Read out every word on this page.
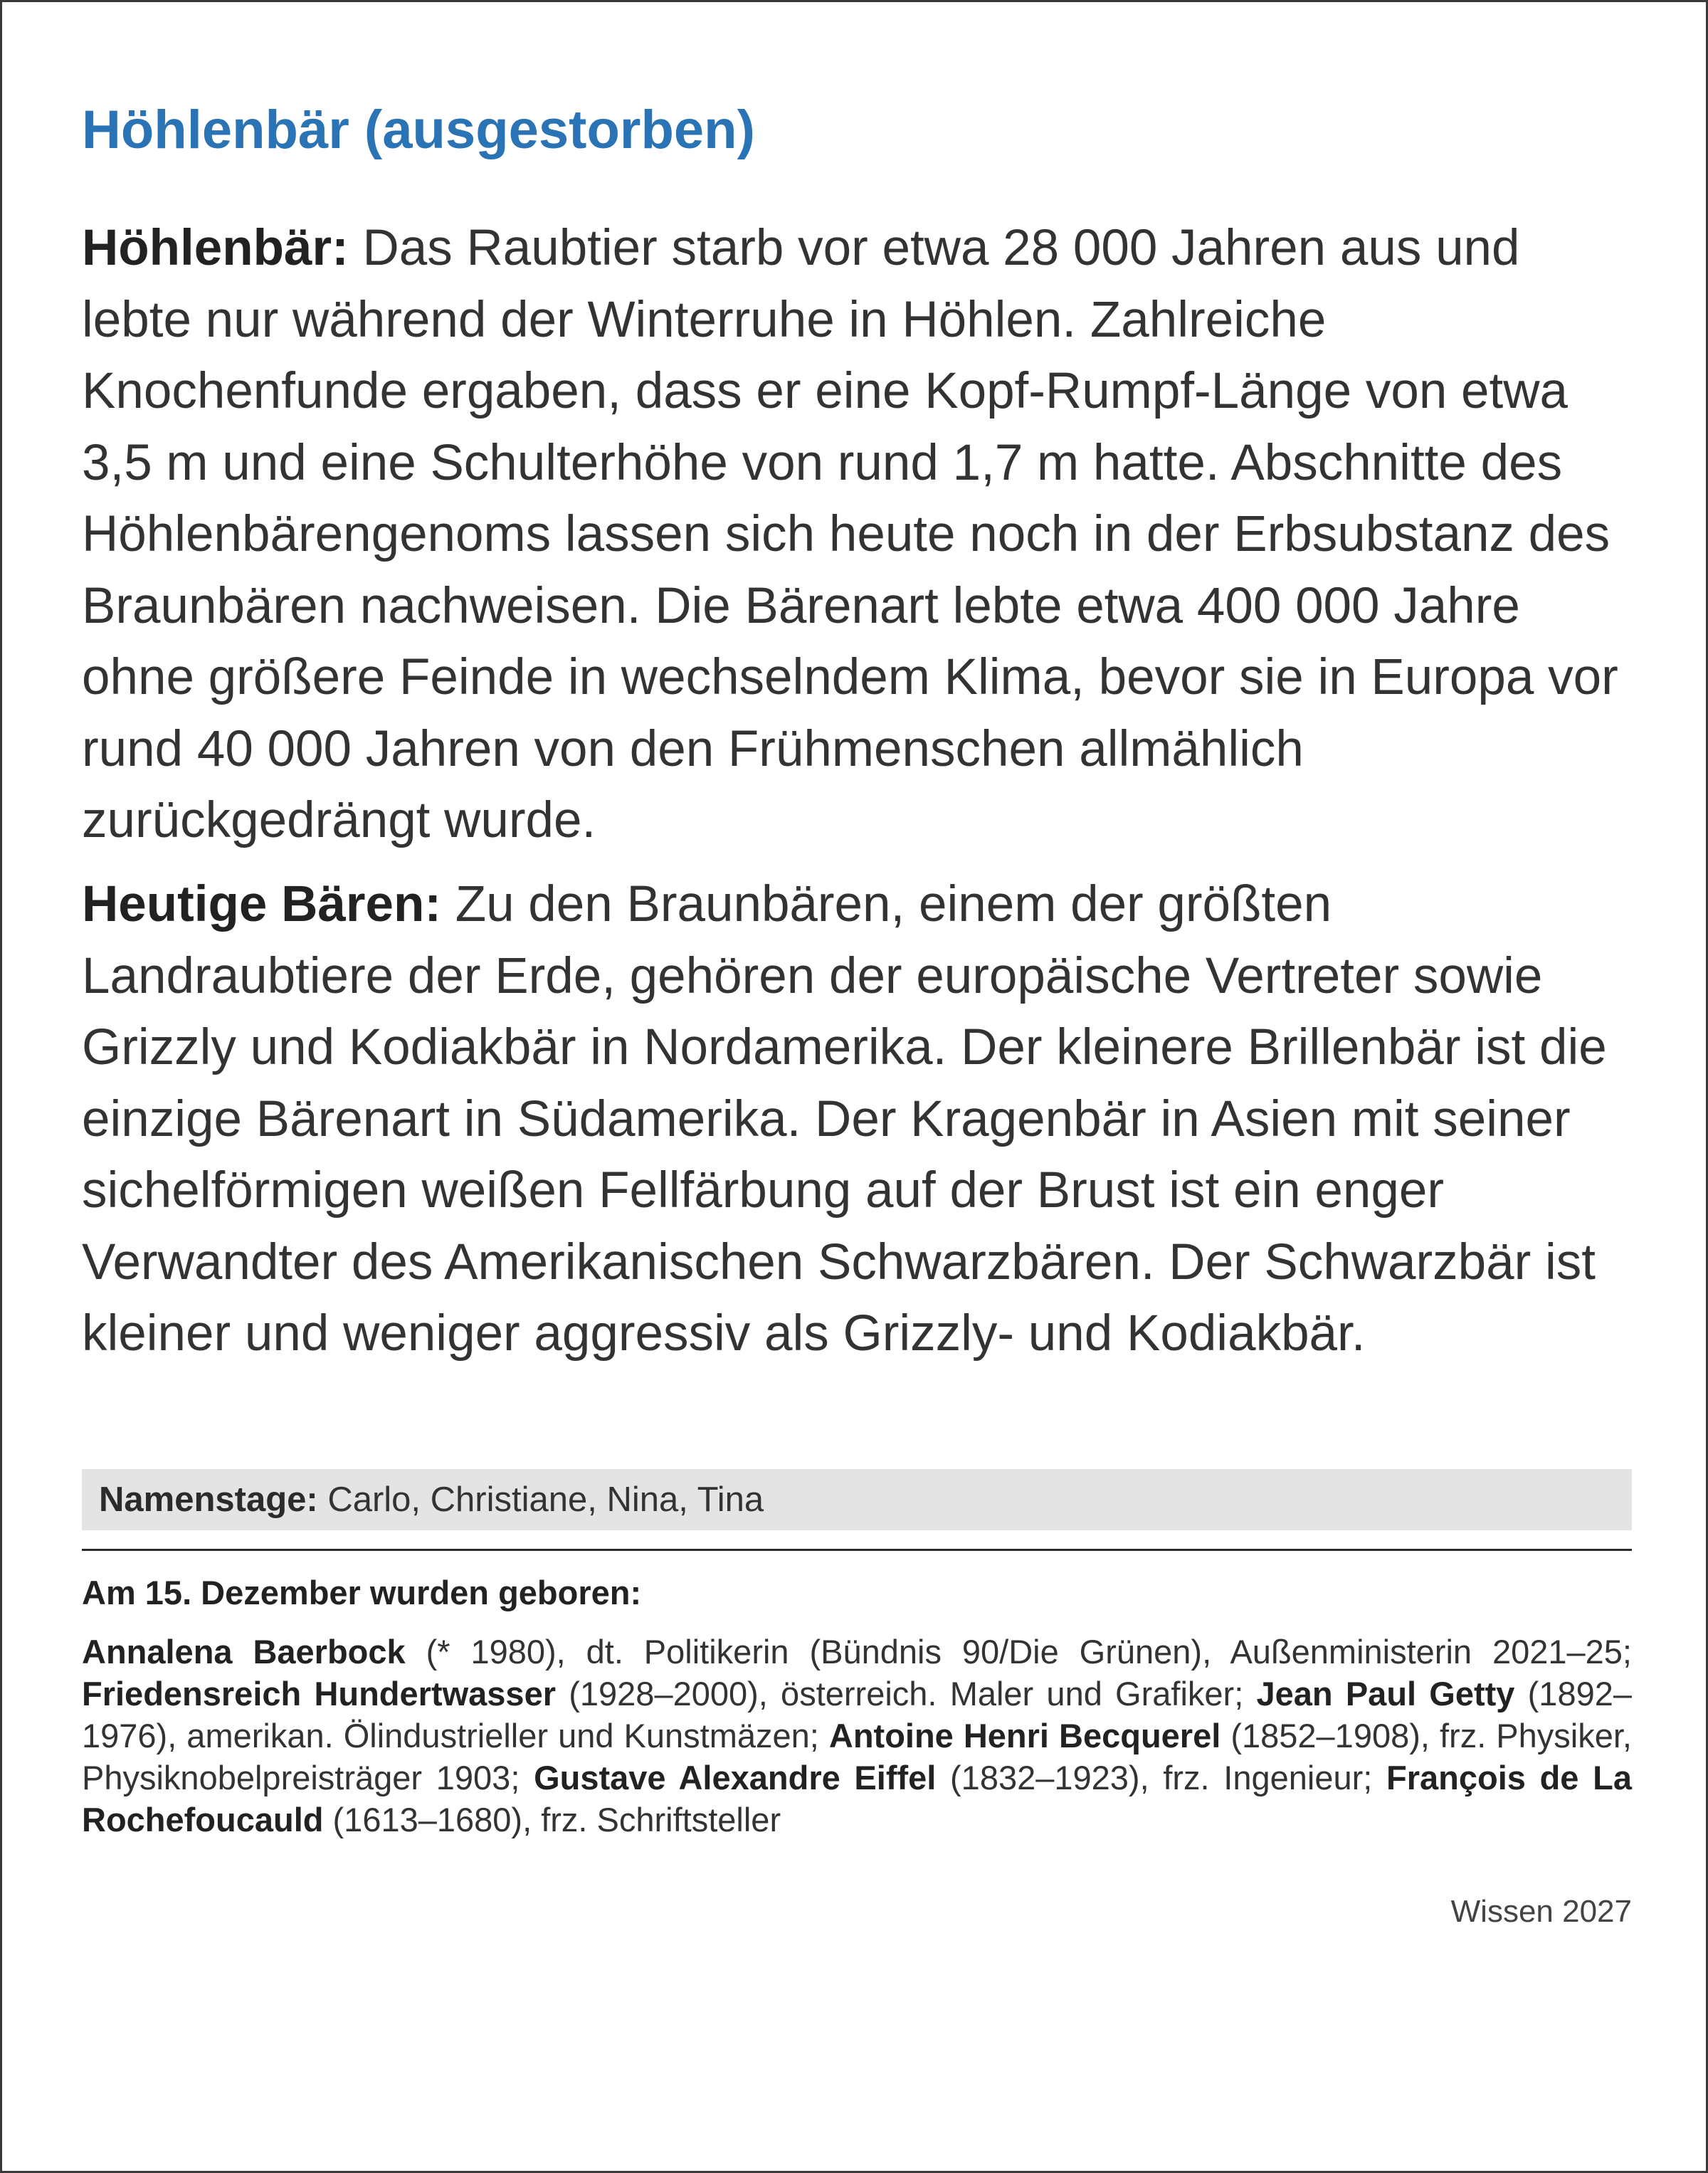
Höhlenbär (ausgestorben)

Höhlenbär: Das Raubtier starb vor etwa 28 000 Jahren aus und lebte nur während der Winterruhe in Höhlen. Zahlreiche Knochenfunde ergaben, dass er eine Kopf-Rumpf-Länge von etwa 3,5 m und eine Schulterhöhe von rund 1,7 m hatte. Abschnitte des Höhlenbärengenoms lassen sich heute noch in der Erbsubstanz des Braunbären nachweisen. Die Bärenart lebte etwa 400 000 Jahre ohne größere Feinde in wechselndem Klima, bevor sie in Europa vor rund 40 000 Jahren von den Frühmenschen allmählich zurückgedrängt wurde.

Heutige Bären: Zu den Braunbären, einem der größten Landraubtiere der Erde, gehören der europäische Vertreter sowie Grizzly und Kodiakbär in Nordamerika. Der kleinere Brillenbär ist die einzige Bärenart in Südamerika. Der Kragenbär in Asien mit seiner sichelförmigen weißen Fellfärbung auf der Brust ist ein enger Verwandter des Amerikanischen Schwarzbären. Der Schwarzbär ist kleiner und weniger aggressiv als Grizzly- und Kodiakbär.

Namenstage: Carlo, Christiane, Nina, Tina
Am 15. Dezember wurden geboren:

Annalena Baerbock (* 1980), dt. Politikerin (Bündnis 90/Die Grünen), Außenministerin 2021–25; Friedensreich Hundertwasser (1928–2000), österreich. Maler und Grafiker; Jean Paul Getty (1892–1976), amerikan. Ölindustrieller und Kunstmäzen; Antoine Henri Becquerel (1852–1908), frz. Physiker, Physiknobelpreisträger 1903; Gustave Alexandre Eiffel (1832–1923), frz. Ingenieur; François de La Rochefoucauld (1613–1680), frz. Schriftsteller

Wissen 2027
